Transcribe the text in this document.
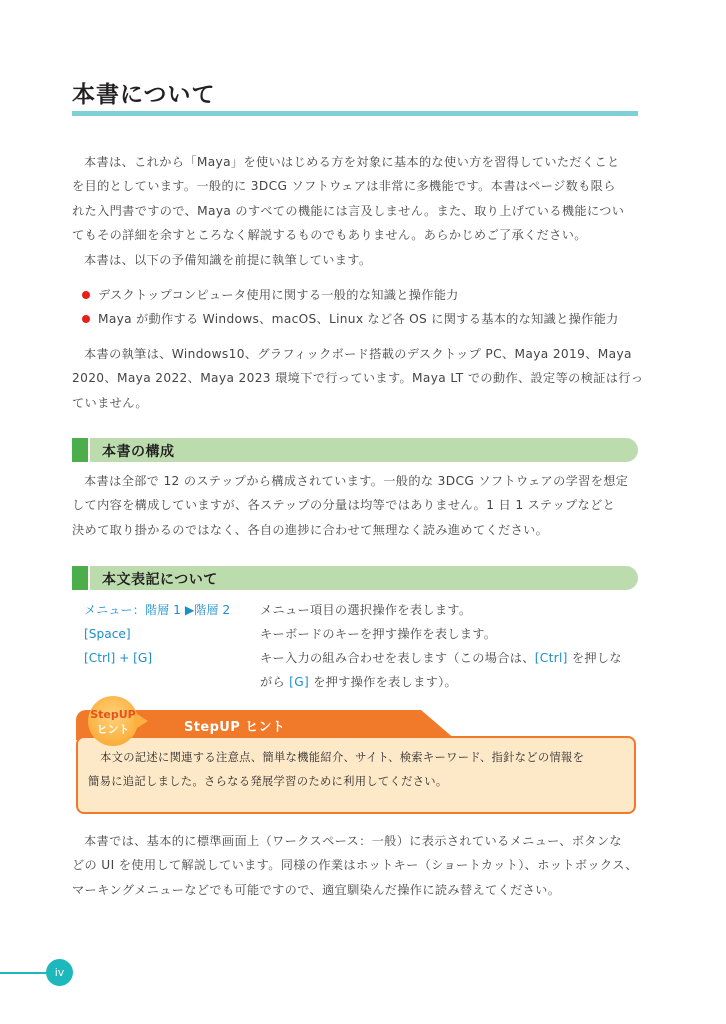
本書について
本書は、これから「Maya」を使いはじめる方を対象に基本的な使い方を習得していただくこと
を目的としています。一般的に 3DCG ソフトウェアは非常に多機能です。本書はページ数も限ら
れた入門書ですので、Maya のすべての機能には言及しません。また、取り上げている機能につい
てもその詳細を余すところなく解説するものでもありません。あらかじめご了承ください。
本書は、以下の予備知識を前提に執筆しています。
デスクトップコンピュータ使用に関する一般的な知識と操作能力
Maya が動作する Windows、macOS、Linux など各 OS に関する基本的な知識と操作能力
本書の執筆は、Windows10、グラフィックボード搭載のデスクトップ PC、Maya 2019、Maya
2020、Maya 2022、Maya 2023 環境下で行っています。Maya LT での動作、設定等の検証は行っ
ていません。
本書の構成
本書は全部で 12 のステップから構成されています。一般的な 3DCG ソフトウェアの学習を想定
して内容を構成していますが、各ステップの分量は均等ではありません。1 日 1 ステップなどと
決めて取り掛かるのではなく、各自の進捗に合わせて無理なく読み進めてください。
本文表記について
メニュー：階層 1 ▶階層 2	メニュー項目の選択操作を表します。
[Space]	キーボードのキーを押す操作を表します。
[Ctrl] + [G]	キー入力の組み合わせを表します（この場合は、[Ctrl] を押しな
がら [G] を押す操作を表します）。
StepUP
ヒント	StepUP ヒント
本文の記述に関連する注意点、簡単な機能紹介、サイト、検索キーワード、指針などの情報を
簡易に追記しました。さらなる発展学習のために利用してください。
本書では、基本的に標準画面上（ワークスペース：一般）に表示されているメニュー、ボタンな
どの UI を使用して解説しています。同様の作業はホットキー（ショートカット）、ホットボックス、
マーキングメニューなどでも可能ですので、適宜馴染んだ操作に読み替えてください。
iv
